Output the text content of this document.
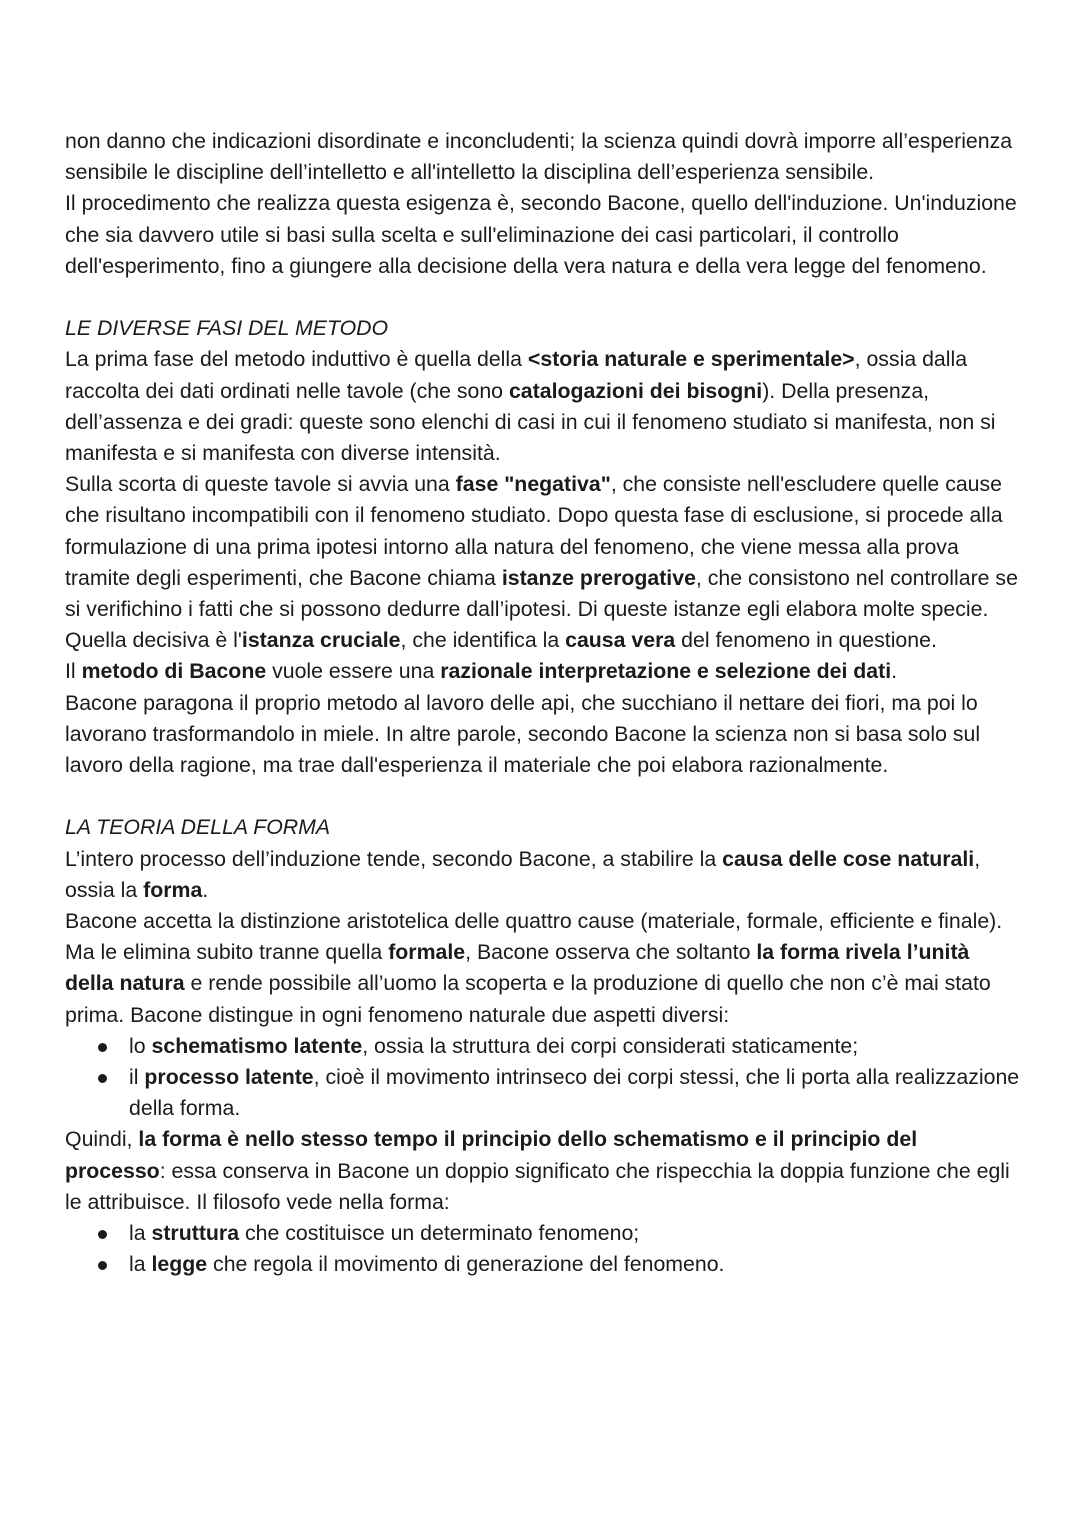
non danno che indicazioni disordinate e inconcludenti; la scienza quindi dovrà imporre all’esperienza sensibile le discipline dell’intelletto e all'intelletto la disciplina dell’esperienza sensibile.

Il procedimento che realizza questa esigenza è, secondo Bacone, quello dell'induzione. Un'induzione che sia davvero utile si basi sulla scelta e sull'eliminazione dei casi particolari, il controllo dell'esperimento, fino a giungere alla decisione della vera natura e della vera legge del fenomeno.

LE DIVERSE FASI DEL METODO

La prima fase del metodo induttivo è quella della <storia naturale e sperimentale>, ossia dalla raccolta dei dati ordinati nelle tavole (che sono catalogazioni dei bisogni). Della presenza, dell’assenza e dei gradi: queste sono elenchi di casi in cui il fenomeno studiato si manifesta, non si manifesta e si manifesta con diverse intensità.

Sulla scorta di queste tavole si avvia una fase "negativa", che consiste nell'escludere quelle cause che risultano incompatibili con il fenomeno studiato. Dopo questa fase di esclusione, si procede alla formulazione di una prima ipotesi intorno alla natura del fenomeno, che viene messa alla prova tramite degli esperimenti, che Bacone chiama istanze prerogative, che consistono nel controllare se si verifichino i fatti che si possono dedurre dall’ipotesi. Di queste istanze egli elabora molte specie. Quella decisiva è l'istanza cruciale, che identifica la causa vera del fenomeno in questione.

Il metodo di Bacone vuole essere una razionale interpretazione e selezione dei dati.

Bacone paragona il proprio metodo al lavoro delle api, che succhiano il nettare dei fiori, ma poi lo lavorano trasformandolo in miele. In altre parole, secondo Bacone la scienza non si basa solo sul lavoro della ragione, ma trae dall'esperienza il materiale che poi elabora razionalmente.

LA TEORIA DELLA FORMA

L’intero processo dell’induzione tende, secondo Bacone, a stabilire la causa delle cose naturali, ossia la forma.

Bacone accetta la distinzione aristotelica delle quattro cause (materiale, formale, efficiente e finale). Ma le elimina subito tranne quella formale, Bacone osserva che soltanto la forma rivela l’unità della natura e rende possibile all’uomo la scoperta e la produzione di quello che non c’è mai stato prima. Bacone distingue in ogni fenomeno naturale due aspetti diversi:

lo schematismo latente, ossia la struttura dei corpi considerati staticamente;
il processo latente, cioè il movimento intrinseco dei corpi stessi, che li porta alla realizzazione della forma.

Quindi, la forma è nello stesso tempo il principio dello schematismo e il principio del processo: essa conserva in Bacone un doppio significato che rispecchia la doppia funzione che egli le attribuisce. Il filosofo vede nella forma:

la struttura che costituisce un determinato fenomeno;
la legge che regola il movimento di generazione del fenomeno.
